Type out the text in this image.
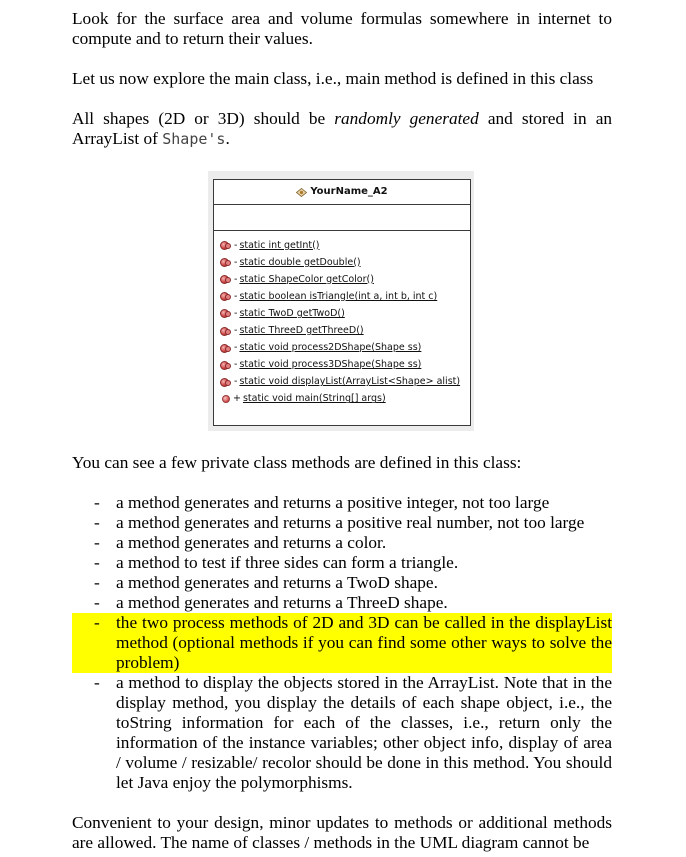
Look for the surface area and volume formulas somewhere in internet to compute and to return their values.

Let us now explore the main class, i.e., main method is defined in this class

All shapes (2D or 3D) should be randomly generated and stored in an ArrayList of Shape's.

YourName_A2
- static int getInt()
- static double getDouble()
- static ShapeColor getColor()
- static boolean isTriangle(int a, int b, int c)
- static TwoD getTwoD()
- static ThreeD getThreeD()
- static void process2DShape(Shape ss)
- static void process3DShape(Shape ss)
- static void displayList(ArrayList<Shape> alist)
+ static void main(String[] args)

You can see a few private class methods are defined in this class:

- a method generates and returns a positive integer, not too large
- a method generates and returns a positive real number, not too large
- a method generates and returns a color.
- a method to test if three sides can form a triangle.
- a method generates and returns a TwoD shape.
- a method generates and returns a ThreeD shape.
- the two process methods of 2D and 3D can be called in the displayList method (optional methods if you can find some other ways to solve the problem)
- a method to display the objects stored in the ArrayList. Note that in the display method, you display the details of each shape object, i.e., the toString information for each of the classes, i.e., return only the information of the instance variables; other object info, display of area / volume / resizable/ recolor should be done in this method. You should let Java enjoy the polymorphisms.

Convenient to your design, minor updates to methods or additional methods are allowed. The name of classes / methods in the UML diagram cannot be
